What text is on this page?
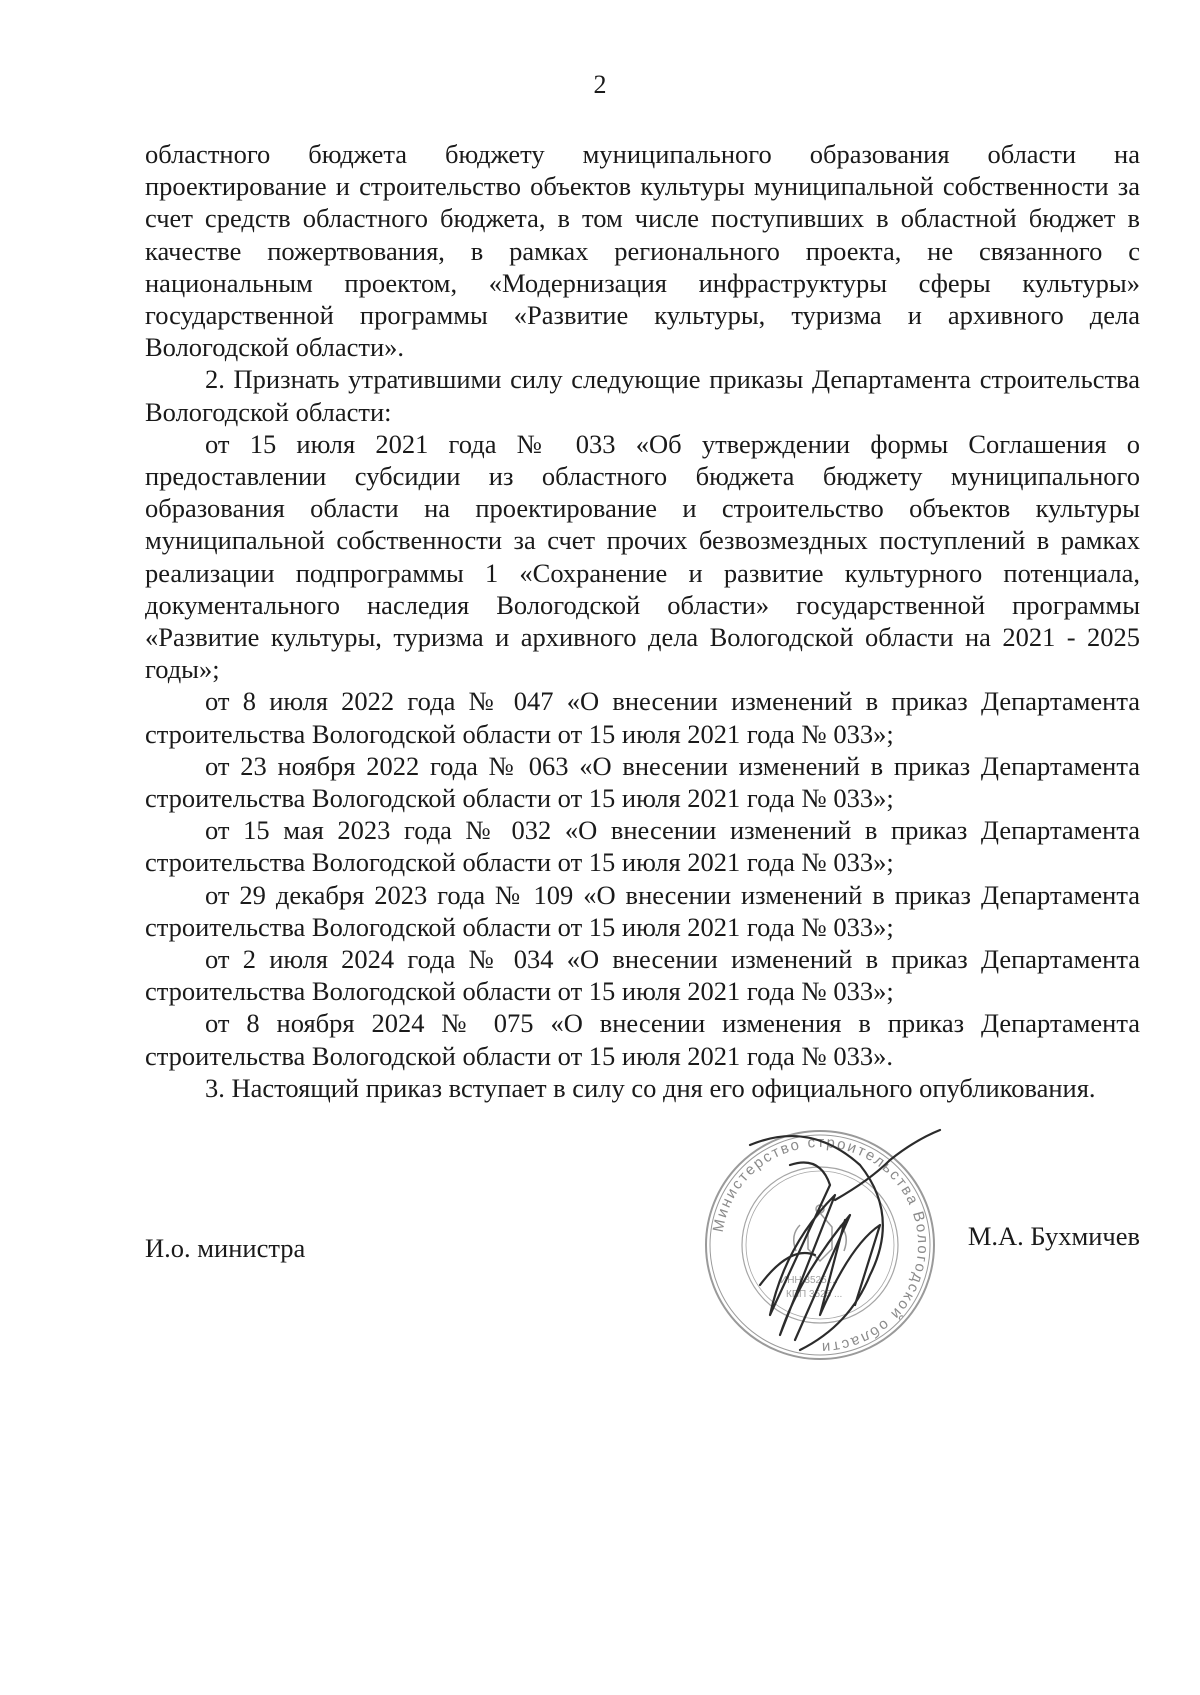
2

областного бюджета бюджету муниципального образования области на проектирование и строительство объектов культуры муниципальной собственности за счет средств областного бюджета, в том числе поступивших в областной бюджет в качестве пожертвования, в рамках регионального проекта, не связанного с национальным проектом, «Модернизация инфраструктуры сферы культуры» государственной программы «Развитие культуры, туризма и архивного дела Вологодской области».

2. Признать утратившими силу следующие приказы Департамента строительства Вологодской области:

от 15 июля 2021 года № 033 «Об утверждении формы Соглашения о предоставлении субсидии из областного бюджета бюджету муниципального образования области на проектирование и строительство объектов культуры муниципальной собственности за счет прочих безвозмездных поступлений в рамках реализации подпрограммы 1 «Сохранение и развитие культурного потенциала, документального наследия Вологодской области» государственной программы «Развитие культуры, туризма и архивного дела Вологодской области на 2021 - 2025 годы»;

от 8 июля 2022 года № 047 «О внесении изменений в приказ Департамента строительства Вологодской области от 15 июля 2021 года № 033»;

от 23 ноября 2022 года № 063 «О внесении изменений в приказ Департамента строительства Вологодской области от 15 июля 2021 года № 033»;

от 15 мая 2023 года № 032 «О внесении изменений в приказ Департамента строительства Вологодской области от 15 июля 2021 года № 033»;

от 29 декабря 2023 года № 109 «О внесении изменений в приказ Департамента строительства Вологодской области от 15 июля 2021 года № 033»;

от 2 июля 2024 года № 034 «О внесении изменений в приказ Департамента строительства Вологодской области от 15 июля 2021 года № 033»;

от 8 ноября 2024 № 075 «О внесении изменения в приказ Департамента строительства Вологодской области от 15 июля 2021 года № 033».

3. Настоящий приказ вступает в силу со дня его официального опубликования.

Министерство строительства Вологодской области
ИНН 3525 ...
КПП 3525 ...
И.о. министра	М.А. Бухмичев
